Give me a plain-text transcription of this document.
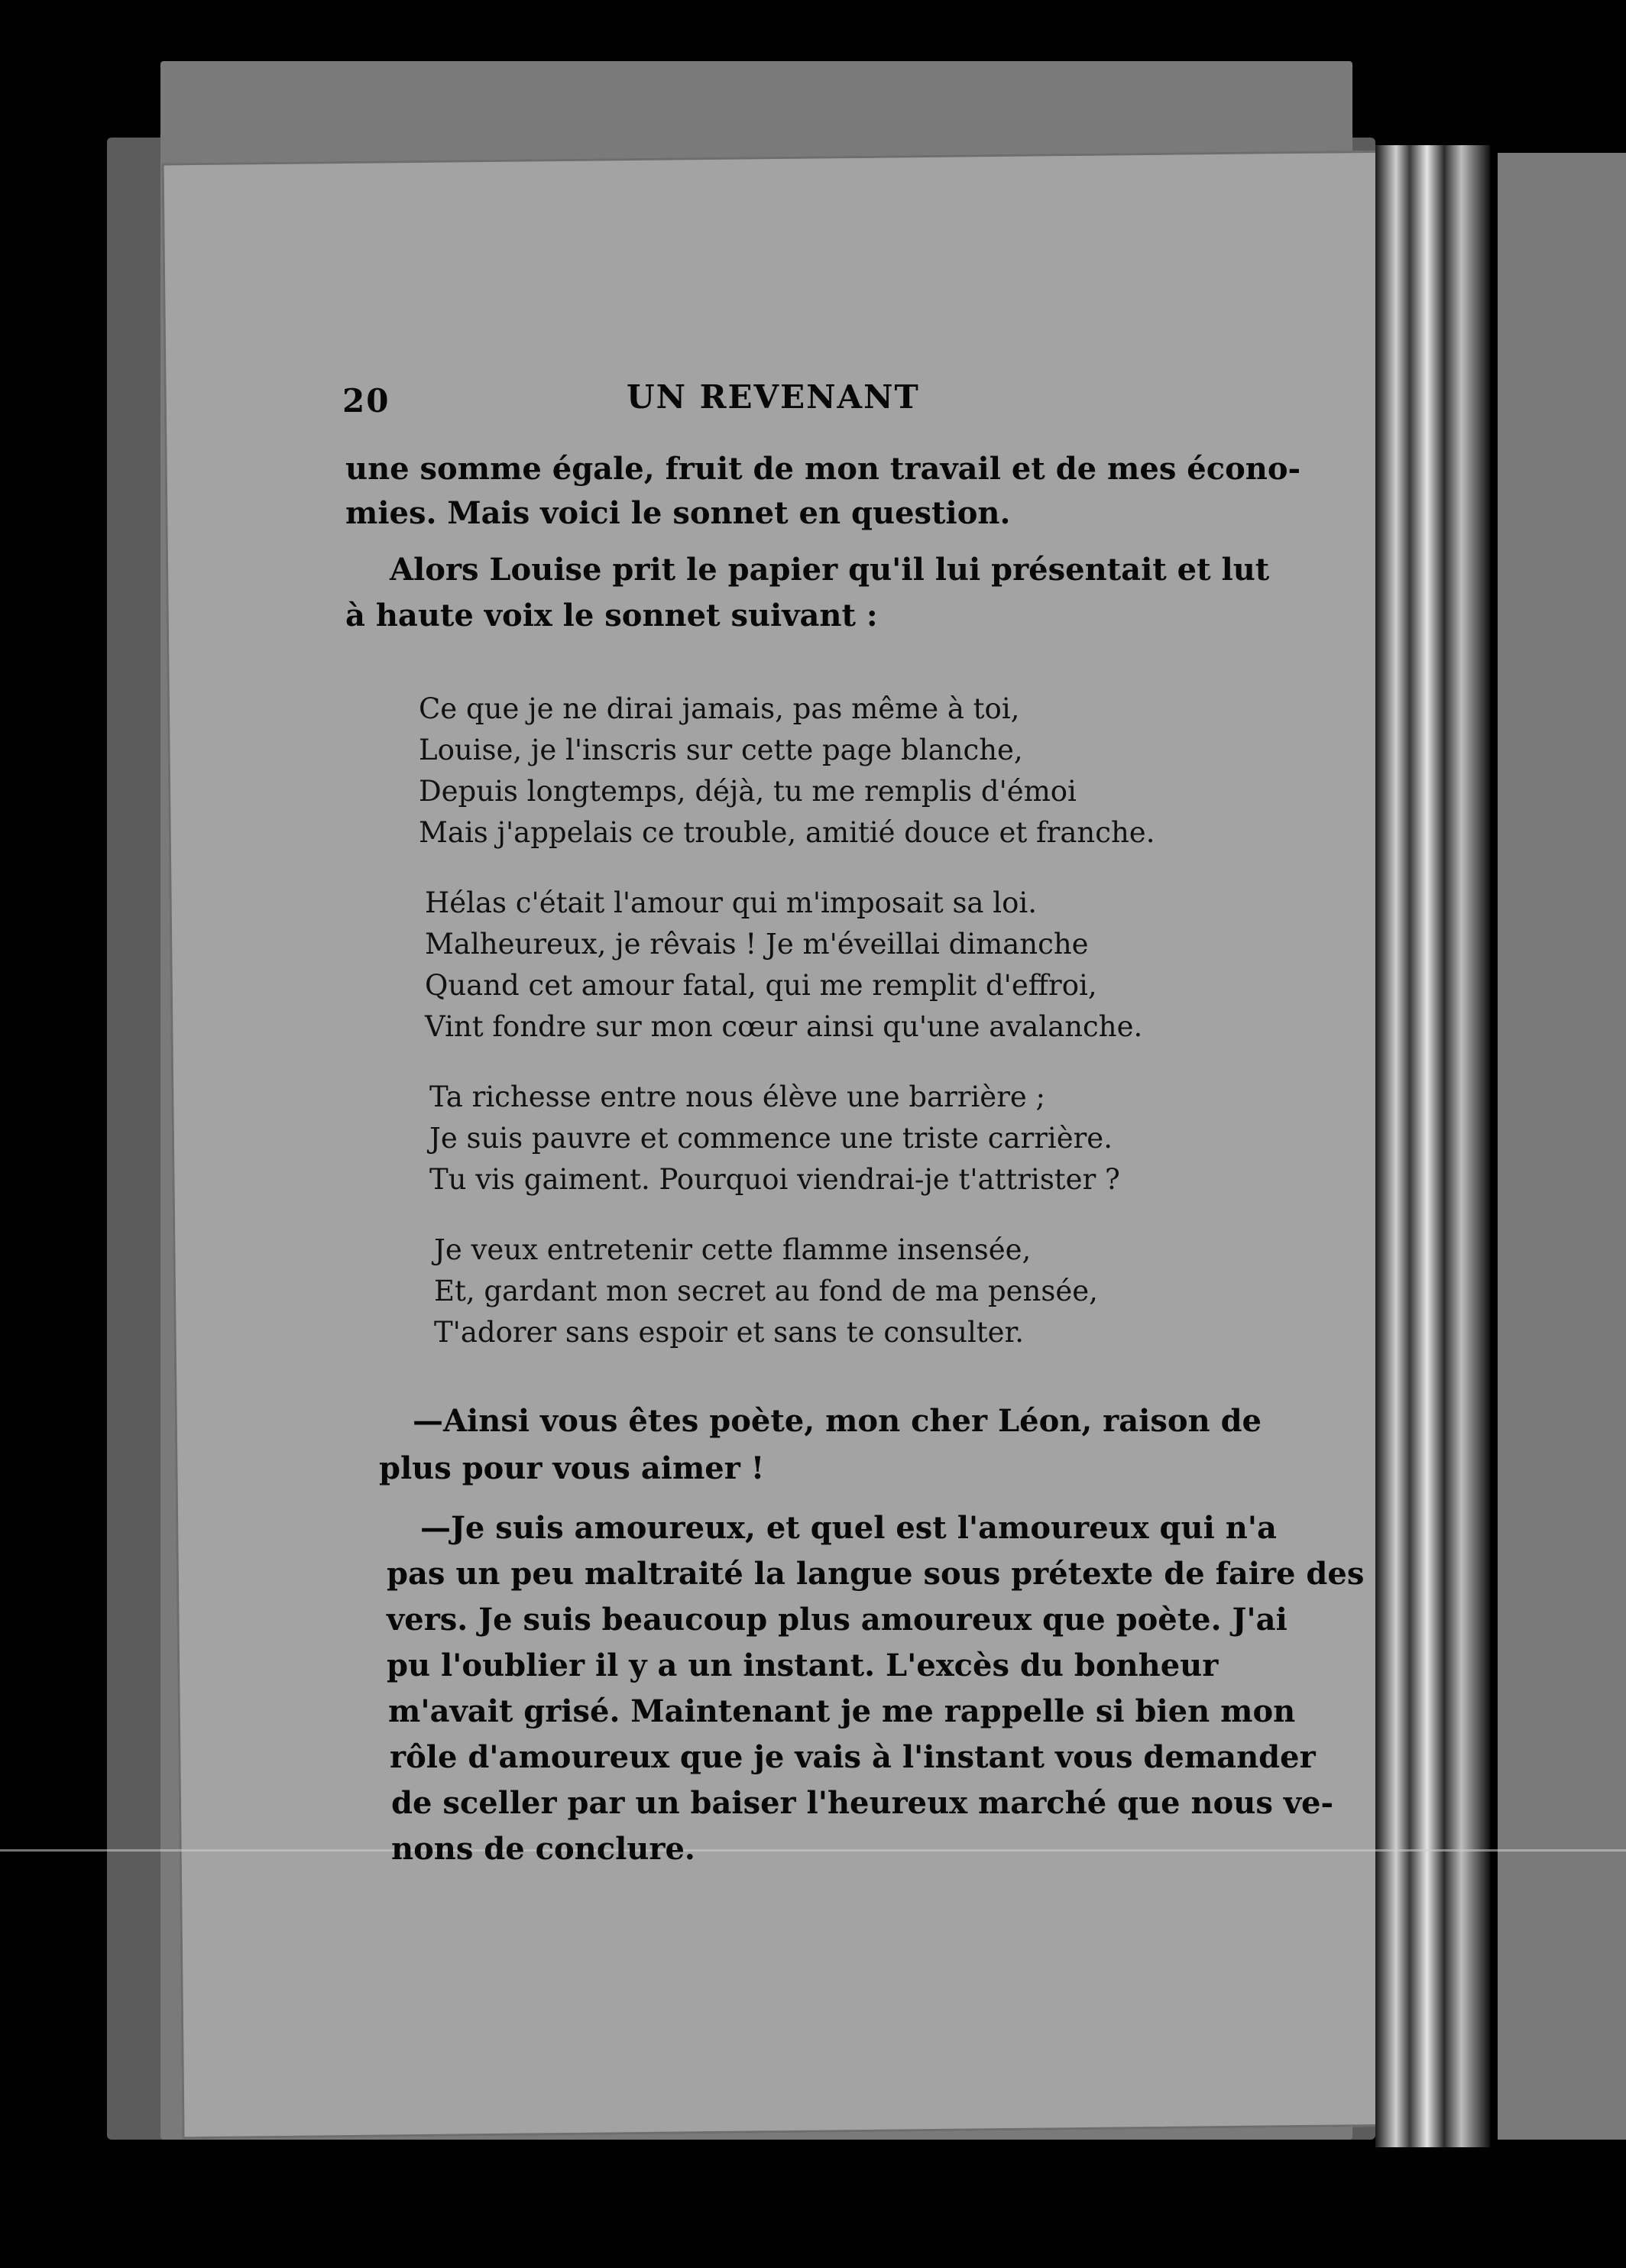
20	UN REVENANT
une somme égale, fruit de mon travail et de mes écono-
mies. Mais voici le sonnet en question.
Alors Louise prit le papier qu'il lui présentait et lut
à haute voix le sonnet suivant :
Ce que je ne dirai jamais, pas même à toi,
Louise, je l'inscris sur cette page blanche,
Depuis longtemps, déjà, tu me remplis d'émoi
Mais j'appelais ce trouble, amitié douce et franche.
Hélas c'était l'amour qui m'imposait sa loi.
Malheureux, je rêvais ! Je m'éveillai dimanche
Quand cet amour fatal, qui me remplit d'effroi,
Vint fondre sur mon cœur ainsi qu'une avalanche.
Ta richesse entre nous élève une barrière ;
Je suis pauvre et commence une triste carrière.
Tu vis gaiment. Pourquoi viendrai-je t'attrister ?
Je veux entretenir cette flamme insensée,
Et, gardant mon secret au fond de ma pensée,
T'adorer sans espoir et sans te consulter.
—Ainsi vous êtes poète, mon cher Léon, raison de
plus pour vous aimer !
—Je suis amoureux, et quel est l'amoureux qui n'a
pas un peu maltraité la langue sous prétexte de faire des
vers. Je suis beaucoup plus amoureux que poète. J'ai
pu l'oublier il y a un instant. L'excès du bonheur
m'avait grisé. Maintenant je me rappelle si bien mon
rôle d'amoureux que je vais à l'instant vous demander
de sceller par un baiser l'heureux marché que nous ve-
nons de conclure.
